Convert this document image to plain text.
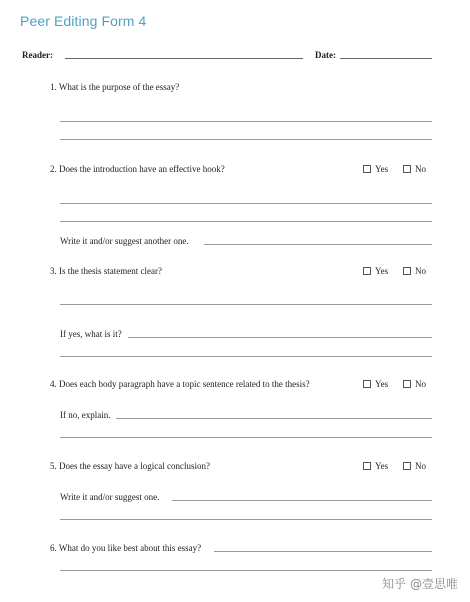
Peer Editing Form 4
Reader:	Date:
1. What is the purpose of the essay?
2. Does the introduction have an effective hook?	Yes	No
Write it and/or suggest another one.
3. Is the thesis statement clear?	Yes	No
If yes, what is it?
4. Does each body paragraph have a topic sentence related to the thesis?	Yes	No
If no, explain.
5. Does the essay have a logical conclusion?	Yes	No
Write it and/or suggest one.
6. What do you like best about this essay?
知乎 @壹思唯
